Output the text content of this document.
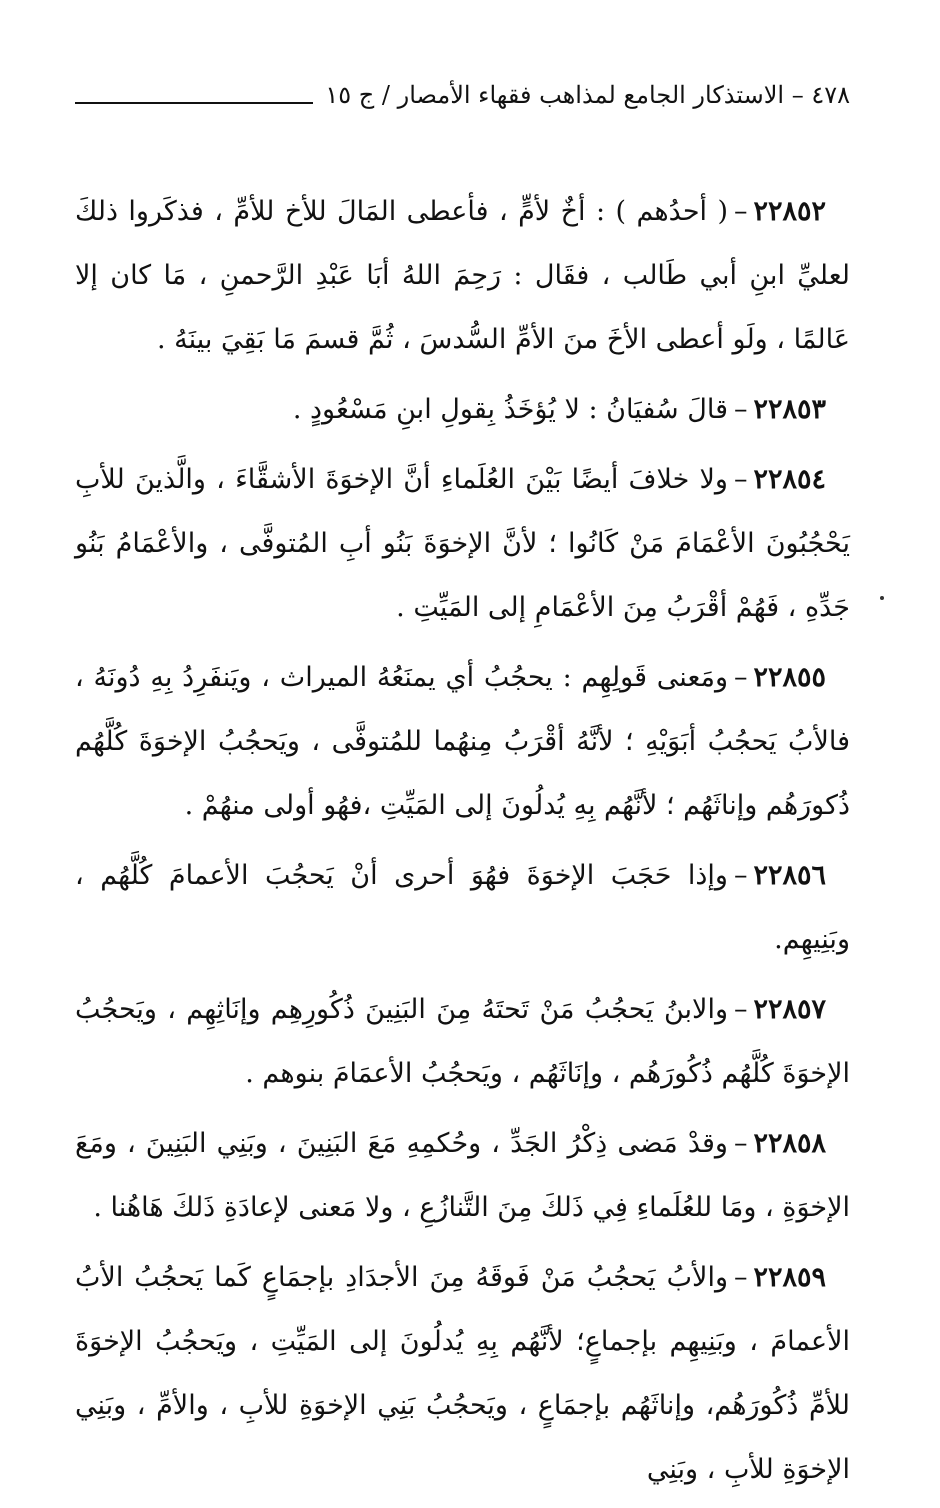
٤٧٨ – الاستذكار الجامع لمذاهب فقهاء الأمصار / ج ١٥

٢٢٨٥٢–( أحدُهم ) : أخٌ لأمٍّ ، فأعطى المَالَ للأخ للأمِّ ، فذكَروا ذلكَ لعليِّ ابنِ أبي طَالب ، فقَال : رَحِمَ اللهُ أبَا عَبْدِ الرَّحمنِ ، مَا كان إلا عَالمًا ، ولَو أعطى الأخَ منَ الأمِّ السُّدسَ ، ثُمَّ قسمَ مَا بَقِيَ بينَهُ .

٢٢٨٥٣–قالَ سُفيَانُ : لا يُؤخَذُ بِقولِ ابنِ مَسْعُودٍ .

٢٢٨٥٤–ولا خلافَ أيضًا بَيْنَ العُلَماءِ أنَّ الإخوَةَ الأشقَّاءَ ، والَّذينَ للأبِ يَحْجُبُونَ الأعْمَامَ مَنْ كَانُوا ؛ لأنَّ الإخوَةَ بَنُو أبِ المُتوفَّى ، والأعْمَامُ بَنُو جَدِّهِ ، فَهُمْ أقْرَبُ مِنَ الأعْمَامِ إلى المَيِّتِ .

٢٢٨٥٥–ومَعنى قَولِهِم : يحجُبُ أي يمنَعُهُ الميراث ، ويَنفَرِدُ بِهِ دُونَهُ ، فالأبُ يَحجُبُ أبَوَيْهِ ؛ لأنَّهُ أقْرَبُ مِنهُما للمُتوفَّى ، ويَحجُبُ الإخوَةَ كُلَّهُم ذُكورَهُم وإناثَهُم ؛ لأنَّهُم بِهِ يُدلُونَ إلى المَيِّتِ ،فهُو أولى منهُمْ .

٢٢٨٥٦–وإذا حَجَبَ الإخوَةَ فهُوَ أحرى أنْ يَحجُبَ الأعمامَ كُلَّهُم ، وبَنِيهِم.

٢٢٨٥٧–والابنُ يَحجُبُ مَنْ تَحتَهُ مِنَ البَنِينَ ذُكُورِهِم وإنَاثِهِم ، ويَحجُبُ الإخوَةَ كُلَّهُم ذُكُورَهُم ، وإنَاثَهُم ، ويَحجُبُ الأعمَامَ بنوهم .

٢٢٨٥٨–وقدْ مَضى ذِكْرُ الجَدِّ ، وحُكمِهِ مَعَ البَنِينَ ، وبَنِي البَنِينَ ، ومَعَ الإخوَةِ ، ومَا للعُلَماءِ فِي ذَلكَ مِنَ التَّنازُعِ ، ولا مَعنى لإعادَةِ ذَلكَ هَاهُنا .

٢٢٨٥٩–والأبُ يَحجُبُ مَنْ فَوقَهُ مِنَ الأجدَادِ بإجمَاعٍ كَما يَحجُبُ الأبُ الأعمامَ ، وبَنِيهِم بإجماعٍ؛ لأنَّهُم بِهِ يُدلُونَ إلى المَيِّتِ ، ويَحجُبُ الإخوَةَ للأمِّ ذُكُورَهُم، وإناثَهُم بإجمَاعٍ ، ويَحجُبُ بَنِي الإخوَةِ للأبِ ، والأمِّ ، وبَنِي الإخوَةِ للأبِ ، وبَنِي
